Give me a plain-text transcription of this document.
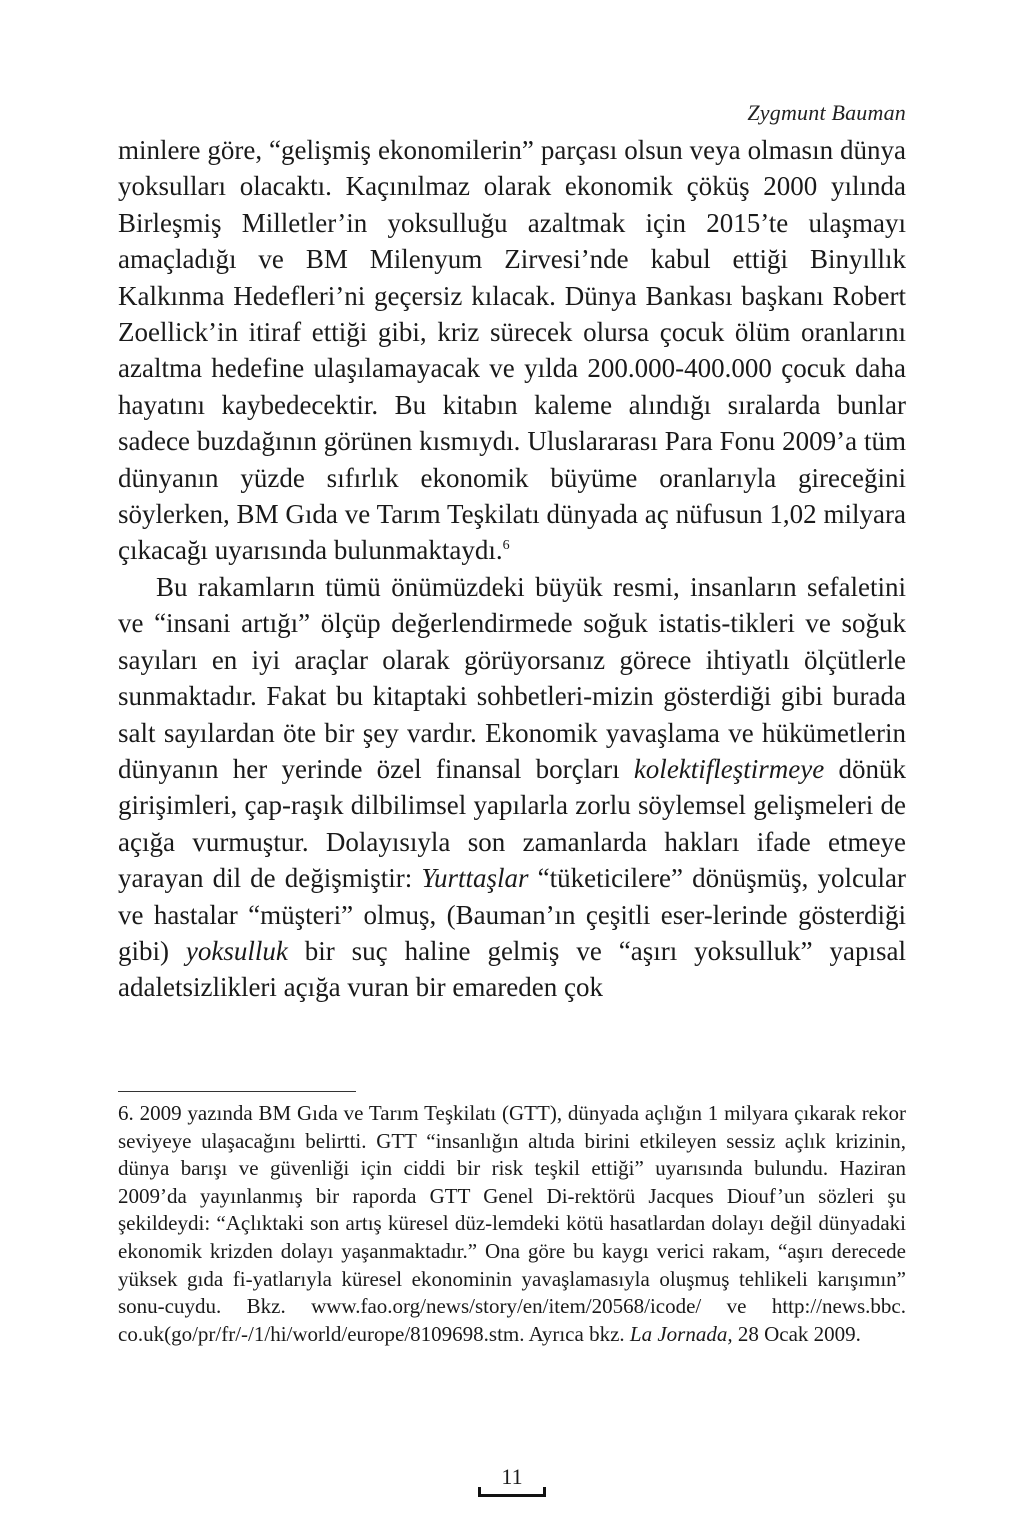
Zygmunt Bauman

minlere göre, “gelişmiş ekonomilerin” parçası olsun veya olmasın dünya yoksulları olacaktı. Kaçınılmaz olarak ekonomik çöküş 2000 yılında Birleşmiş Milletler’in yoksulluğu azaltmak için 2015’te ulaşmayı amaçladığı ve BM Milenyum Zirvesi’nde kabul ettiği Binyıllık Kalkınma Hedefleri’ni geçersiz kılacak. Dünya Bankası başkanı Robert Zoellick’in itiraf ettiği gibi, kriz sürecek olursa çocuk ölüm oranlarını azaltma hedefine ulaşılamayacak ve yılda 200.000-400.000 çocuk daha hayatını kaybedecektir. Bu kitabın kaleme alındığı sıralarda bunlar sadece buzdağının görünen kısmıydı. Uluslararası Para Fonu 2009’a tüm dünyanın yüzde sıfırlık ekonomik büyüme oranlarıyla gireceğini söylerken, BM Gıda ve Tarım Teşkilatı dünyada aç nüfusun 1,02 milyara çıkacağı uyarısında bulunmaktaydı.$^6$

Bu rakamların tümü önümüzdeki büyük resmi, insanların sefaletini ve “insani artığı” ölçüp değerlendirmede soğuk istatis-tikleri ve soğuk sayıları en iyi araçlar olarak görüyorsanız görece ihtiyatlı ölçütlerle sunmaktadır. Fakat bu kitaptaki sohbetleri-mizin gösterdiği gibi burada salt sayılardan öte bir şey vardır. Ekonomik yavaşlama ve hükümetlerin dünyanın her yerinde özel finansal borçları kolektifleştirmeye dönük girişimleri, çap-raşık dilbilimsel yapılarla zorlu söylemsel gelişmeleri de açığa vurmuştur. Dolayısıyla son zamanlarda hakları ifade etmeye yarayan dil de değişmiştir: Yurttaşlar “tüketicilere” dönüşmüş, yolcular ve hastalar “müşteri” olmuş, (Bauman’ın çeşitli eser-lerinde gösterdiği gibi) yoksulluk bir suç haline gelmiş ve “aşırı yoksulluk” yapısal adaletsizlikleri açığa vuran bir emareden çok

6. 2009 yazında BM Gıda ve Tarım Teşkilatı (GTT), dünyada açlığın 1 milyara çıkarak rekor seviyeye ulaşacağını belirtti. GTT “insanlığın altıda birini etkileyen sessiz açlık krizinin, dünya barışı ve güvenliği için ciddi bir risk teşkil ettiği” uyarısında bulundu. Haziran 2009’da yayınlanmış bir raporda GTT Genel Di-rektörü Jacques Diouf’un sözleri şu şekildeydi: “Açlıktaki son artış küresel düz-lemdeki kötü hasatlardan dolayı değil dünyadaki ekonomik krizden dolayı yaşanmaktadır.” Ona göre bu kaygı verici rakam, “aşırı derecede yüksek gıda fi-yatlarıyla küresel ekonominin yavaşlamasıyla oluşmuş tehlikeli karışımın” sonu-cuydu. Bkz. www.fao.org/news/story/en/item/20568/icode/ ve http://news.bbc. co.uk(go/pr/fr/-/1/hi/world/europe/8109698.stm. Ayrıca bkz. La Jornada, 28 Ocak 2009.
11
